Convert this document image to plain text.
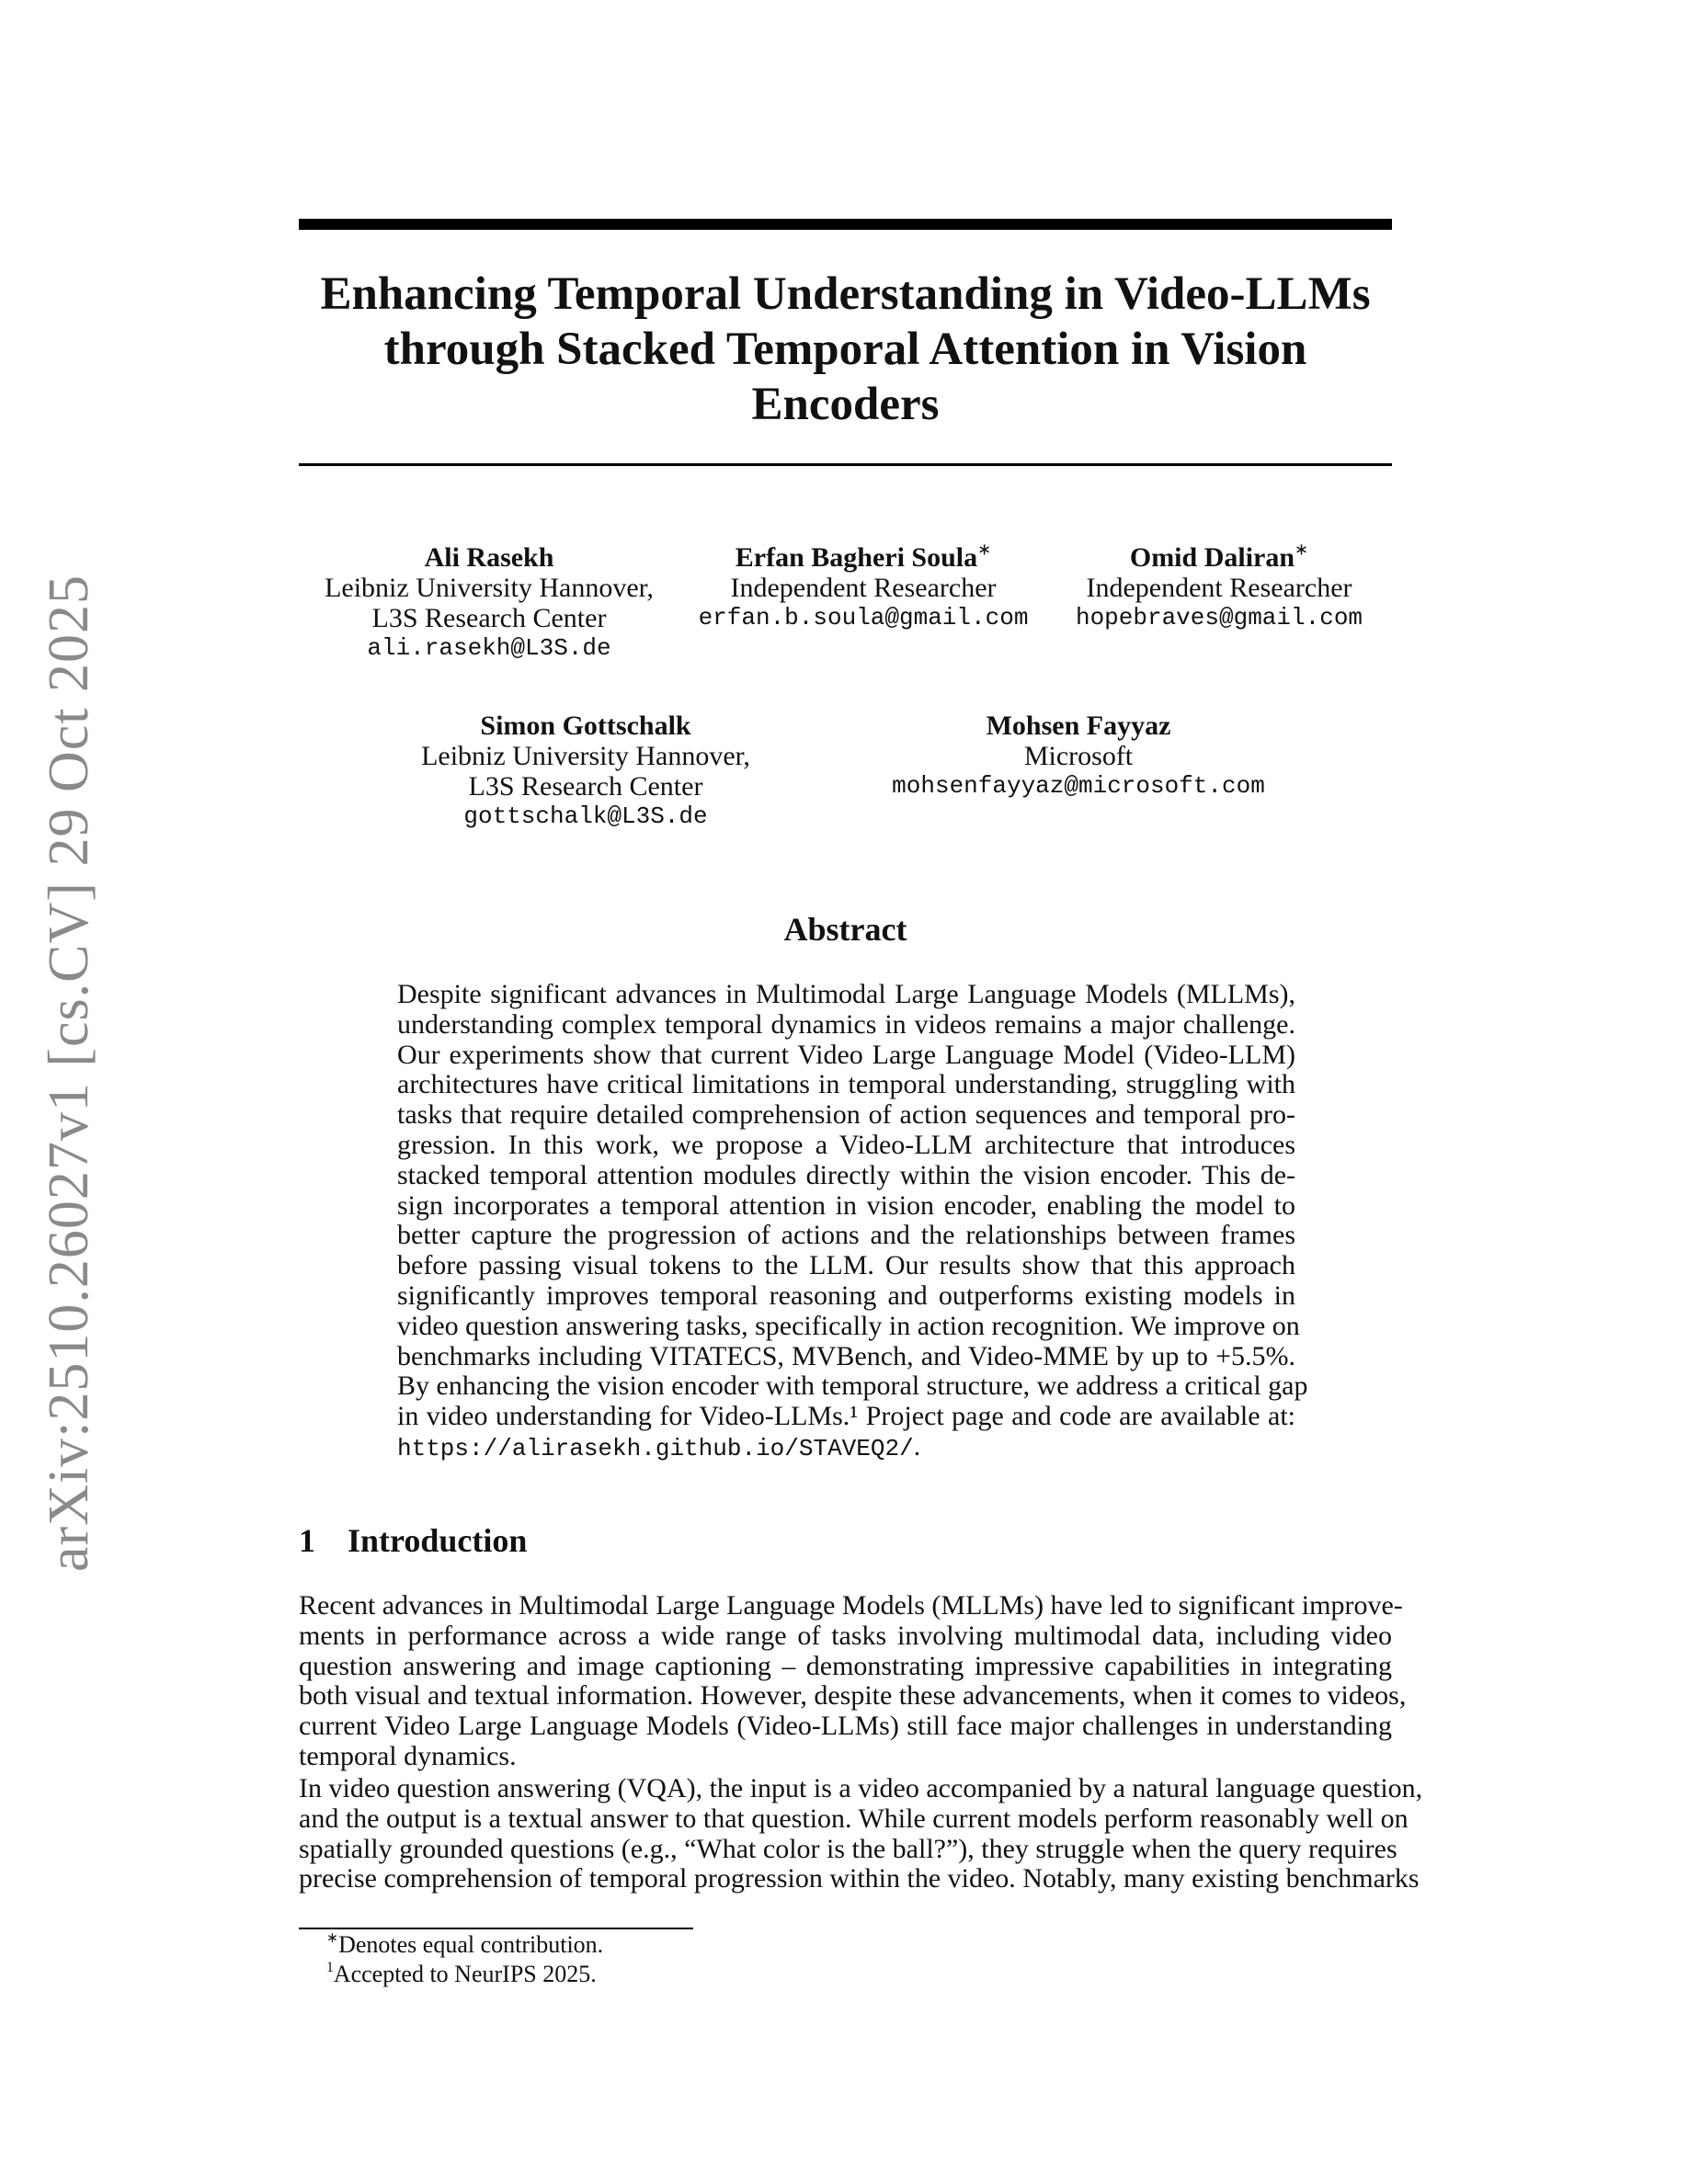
arXiv:2510.26027v1 [cs.CV] 29 Oct 2025
Enhancing Temporal Understanding in Video-LLMs
through Stacked Temporal Attention in Vision
Encoders
Ali Rasekh
Leibniz University Hannover,
L3S Research Center
ali.rasekh@L3S.de
Erfan Bagheri Soula∗
Independent Researcher
erfan.b.soula@gmail.com
Omid Daliran∗
Independent Researcher
hopebraves@gmail.com
Simon Gottschalk
Leibniz University Hannover,
L3S Research Center
gottschalk@L3S.de
Mohsen Fayyaz
Microsoft
mohsenfayyaz@microsoft.com
Abstract
Despite significant advances in Multimodal Large Language Models (MLLMs),
understanding complex temporal dynamics in videos remains a major challenge.
Our experiments show that current Video Large Language Model (Video-LLM)
architectures have critical limitations in temporal understanding, struggling with
tasks that require detailed comprehension of action sequences and temporal pro-
gression. In this work, we propose a Video-LLM architecture that introduces
stacked temporal attention modules directly within the vision encoder. This de-
sign incorporates a temporal attention in vision encoder, enabling the model to
better capture the progression of actions and the relationships between frames
before passing visual tokens to the LLM. Our results show that this approach
significantly improves temporal reasoning and outperforms existing models in
video question answering tasks, specifically in action recognition. We improve on
benchmarks including VITATECS, MVBench, and Video-MME by up to +5.5%.
By enhancing the vision encoder with temporal structure, we address a critical gap
in video understanding for Video-LLMs.¹ Project page and code are available at:
https://alirasekh.github.io/STAVEQ2/.
1 Introduction
Recent advances in Multimodal Large Language Models (MLLMs) have led to significant improve-
ments in performance across a wide range of tasks involving multimodal data, including video
question answering and image captioning – demonstrating impressive capabilities in integrating
both visual and textual information. However, despite these advancements, when it comes to videos,
current Video Large Language Models (Video-LLMs) still face major challenges in understanding
temporal dynamics.
In video question answering (VQA), the input is a video accompanied by a natural language question,
and the output is a textual answer to that question. While current models perform reasonably well on
spatially grounded questions (e.g., “What color is the ball?”), they struggle when the query requires
precise comprehension of temporal progression within the video. Notably, many existing benchmarks
∗Denotes equal contribution.
$^1$Accepted to NeurIPS 2025.
